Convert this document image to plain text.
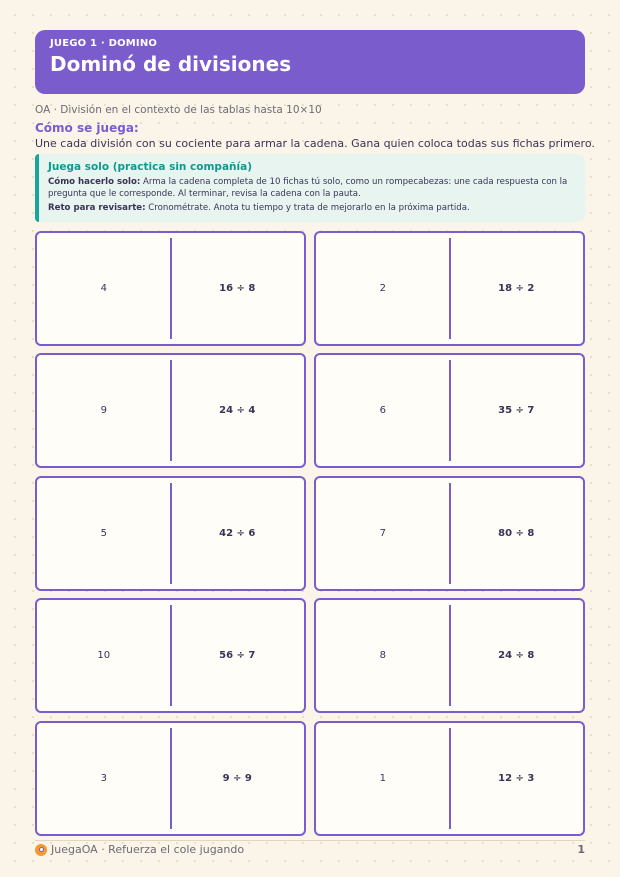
JUEGO 1 · DOMINO
Dominó de divisiones
OA · División en el contexto de las tablas hasta 10×10
Cómo se juega:
Une cada división con su cociente para armar la cadena. Gana quien coloca todas sus fichas primero.
Juega solo (practica sin compañía)

Cómo hacerlo solo: Arma la cadena completa de 10 fichas tú solo, como un rompecabezas: une cada respuesta con la pregunta que le corresponde. Al terminar, revisa la cadena con la pauta.

Reto para revisarte: Cronométrate. Anota tu tiempo y trata de mejorarlo en la próxima partida.

4	16 ÷ 8	2	18 ÷ 2
9	24 ÷ 4	6	35 ÷ 7
5	42 ÷ 6	7	80 ÷ 8
10	56 ÷ 7	8	24 ÷ 8
3	9 ÷ 9	1	12 ÷ 3
JuegaOA · Refuerza el cole jugando	1
